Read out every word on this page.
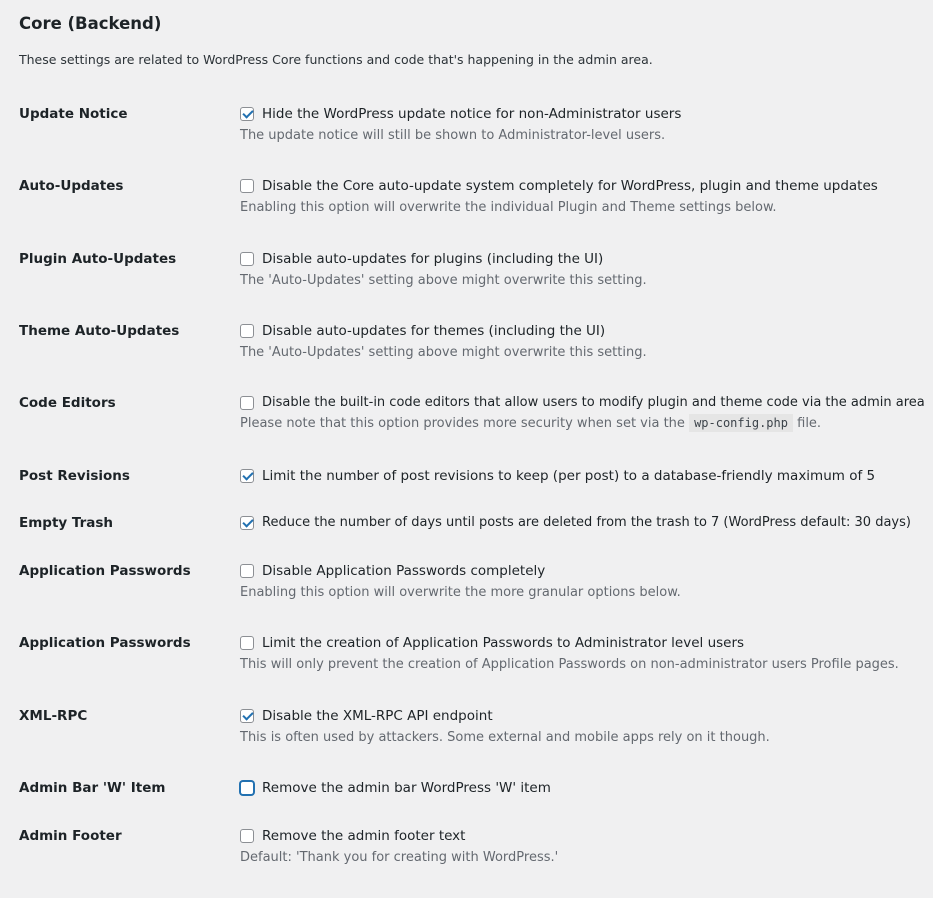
Core (Backend)

These settings are related to WordPress Core functions and code that's happening in the admin area.

Update Notice	Hide the WordPress update notice for non-Administrator users
The update notice will still be shown to Administrator-level users.
Auto-Updates	Disable the Core auto-update system completely for WordPress, plugin and theme updates
Enabling this option will overwrite the individual Plugin and Theme settings below.
Plugin Auto-Updates	Disable auto-updates for plugins (including the UI)
The 'Auto-Updates' setting above might overwrite this setting.
Theme Auto-Updates	Disable auto-updates for themes (including the UI)
The 'Auto-Updates' setting above might overwrite this setting.
Code Editors	Disable the built-in code editors that allow users to modify plugin and theme code via the admin area
Please note that this option provides more security when set via the wp-config.php file.
Post Revisions	Limit the number of post revisions to keep (per post) to a database-friendly maximum of 5
Empty Trash	Reduce the number of days until posts are deleted from the trash to 7 (WordPress default: 30 days)
Application Passwords	Disable Application Passwords completely
Enabling this option will overwrite the more granular options below.
Application Passwords	Limit the creation of Application Passwords to Administrator level users
This will only prevent the creation of Application Passwords on non-administrator users Profile pages.
XML-RPC	Disable the XML-RPC API endpoint
This is often used by attackers. Some external and mobile apps rely on it though.
Admin Bar 'W' Item	Remove the admin bar WordPress 'W' item
Admin Footer	Remove the admin footer text
Default: 'Thank you for creating with WordPress.'
